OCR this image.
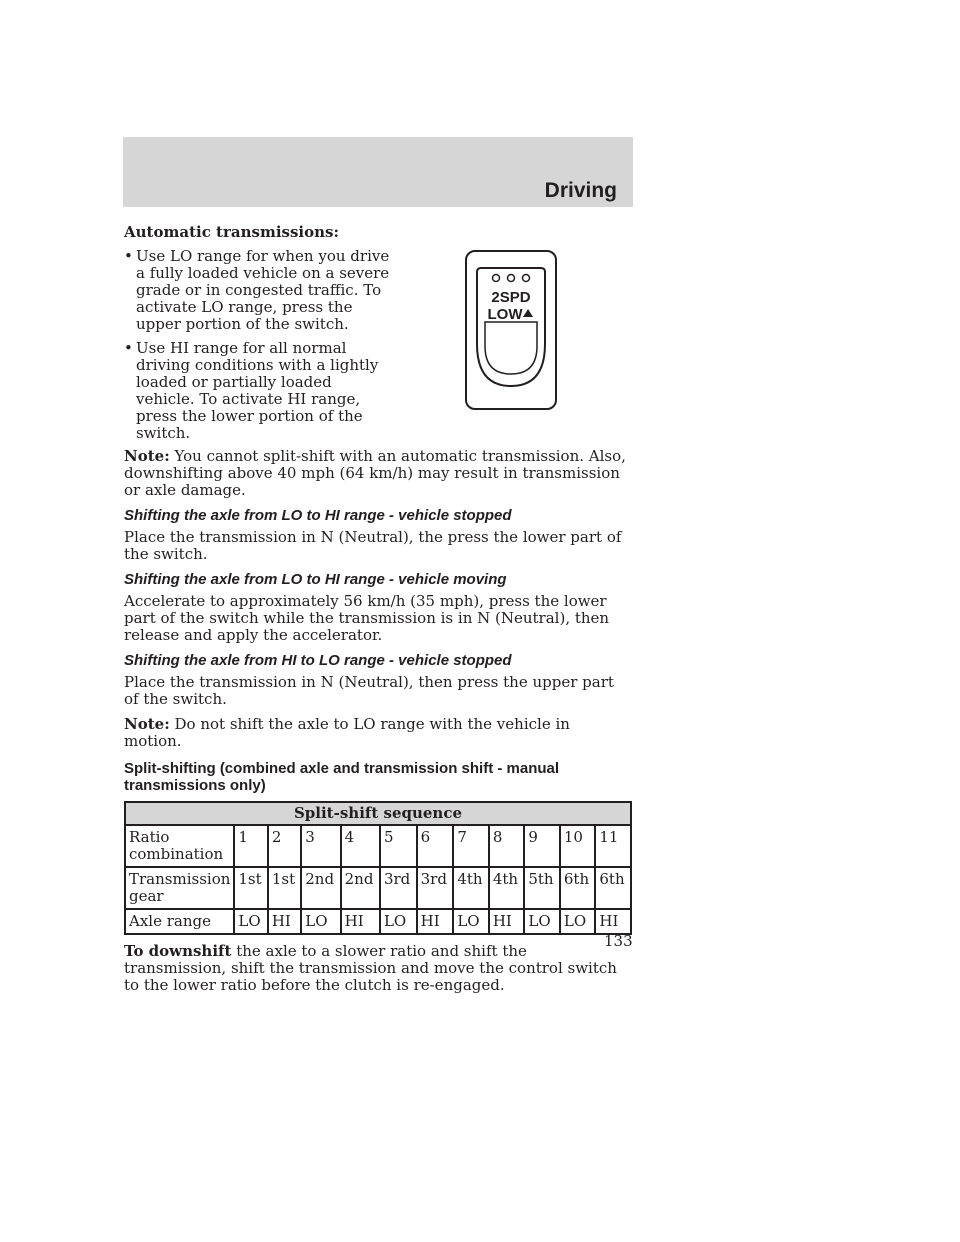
Driving
Automatic transmissions:
• Use LO range for when you drive a fully loaded vehicle on a severe grade or in congested traffic. To activate LO range, press the upper portion of the switch.
• Use HI range for all normal driving conditions with a lightly loaded or partially loaded vehicle. To activate HI range, press the lower portion of the switch.
2SPD
LOW
Note: You cannot split-shift with an automatic transmission. Also, downshifting above 40 mph (64 km/h) may result in transmission or axle damage.
Shifting the axle from LO to HI range - vehicle stopped
Place the transmission in N (Neutral), the press the lower part of the switch.
Shifting the axle from LO to HI range - vehicle moving
Accelerate to approximately 56 km/h (35 mph), press the lower part of the switch while the transmission is in N (Neutral), then release and apply the accelerator.
Shifting the axle from HI to LO range - vehicle stopped
Place the transmission in N (Neutral), then press the upper part of the switch.
Note: Do not shift the axle to LO range with the vehicle in motion.
Split-shifting (combined axle and transmission shift - manual transmissions only)
Split-shift sequence											
Ratio combination	1	2	3	4	5	6	7	8	9	10	11
Transmission gear	1st	1st	2nd	2nd	3rd	3rd	4th	4th	5th	6th	6th
Axle range	LO	HI	LO	HI	LO	HI	LO	HI	LO	LO	HI
To downshift the axle to a slower ratio and shift the transmission, shift the transmission and move the control switch to the lower ratio before the clutch is re-engaged.
133
